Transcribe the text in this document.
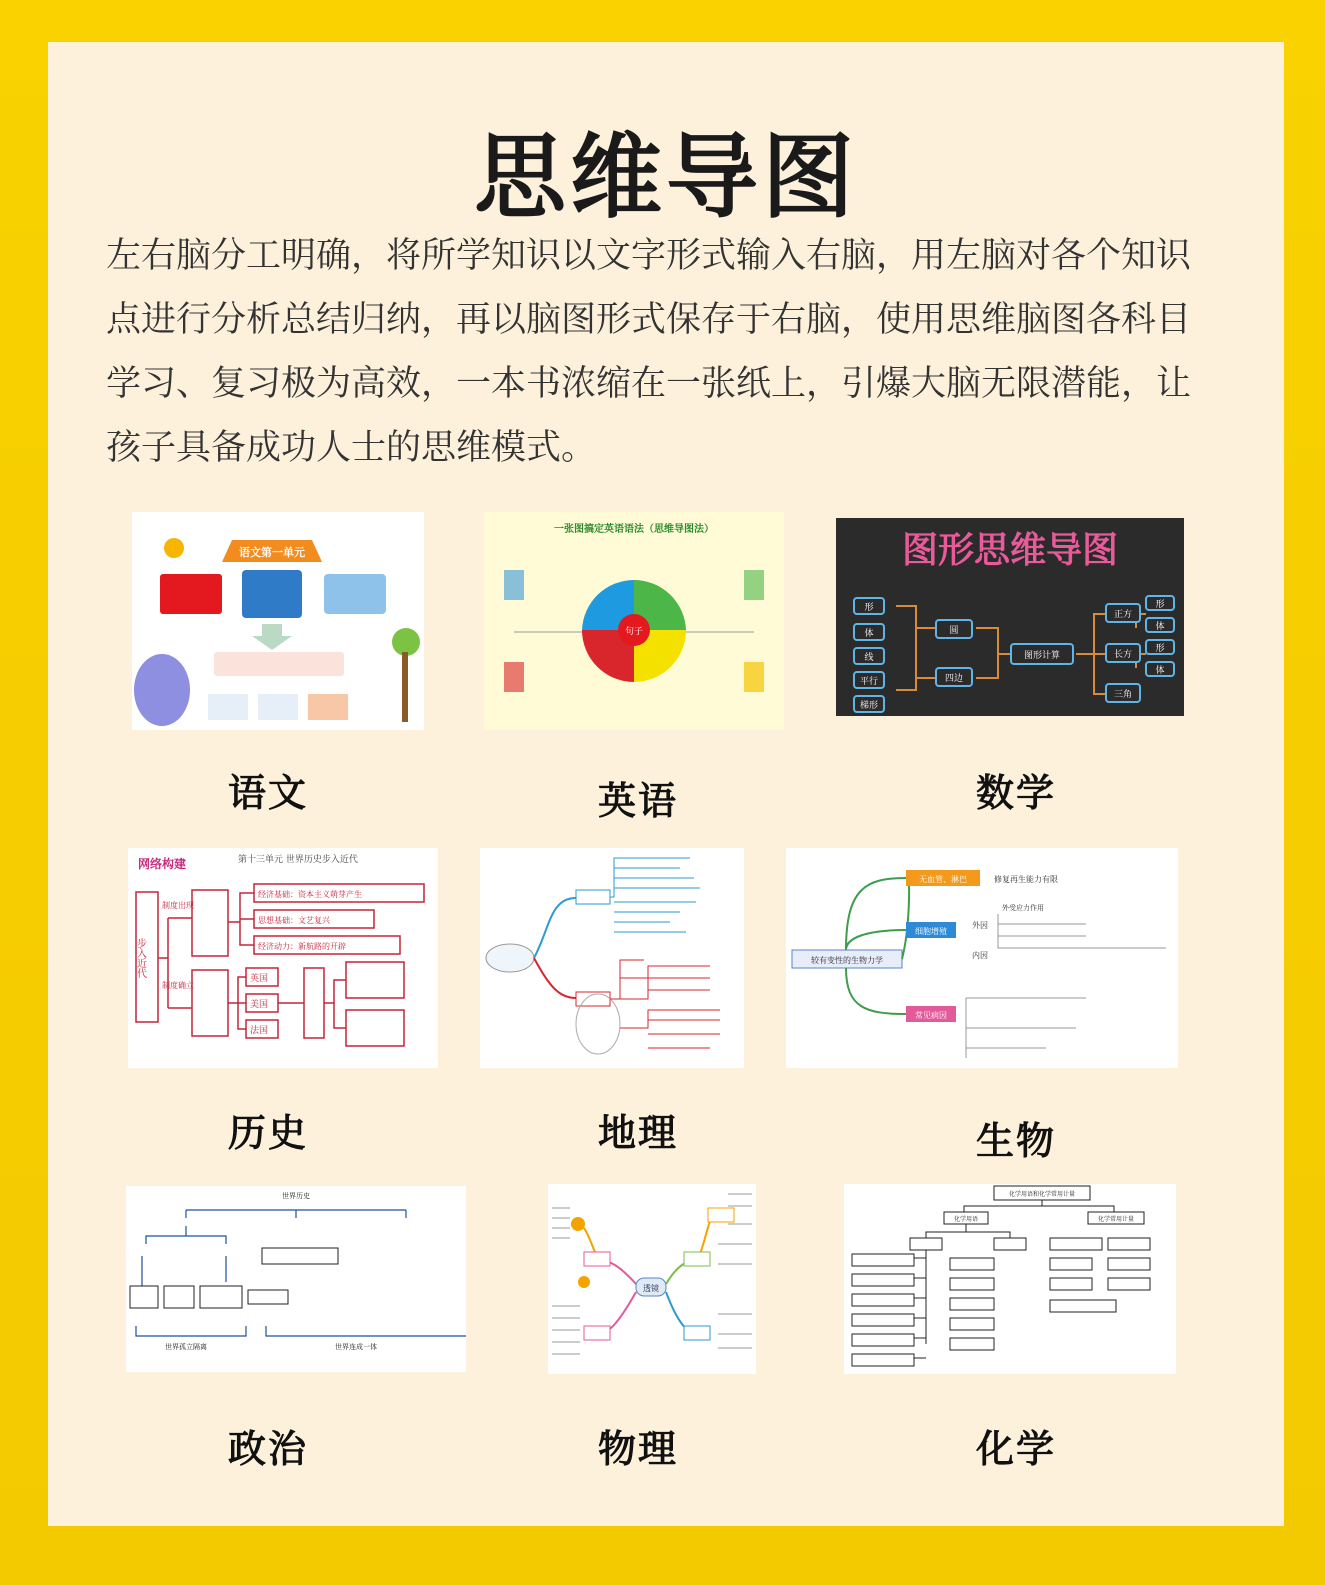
思维导图
左右脑分工明确，将所学知识以文字形式输入右脑，用左脑对各个知识点进行分析总结归纳，再以脑图形式保存于右脑，使用思维脑图各科目学习、复习极为高效，一本书浓缩在一张纸上，引爆大脑无限潜能，让孩子具备成功人士的思维模式。
语文第一单元
语文
一张图搞定英语语法（思维导图法）
句子
英语
图形思维导图
形
体
线
平行
梯形
圆
四边
图形计算
正方
长方
三角
形
体
形
体
数学
网络构建	第十三单元 世界历史步入近代
步入近代
制度出现
制度确立
经济基础：资本主义萌芽产生
思想基础：文艺复兴
经济动力：新航路的开辟
英国
美国
法国
历史	地理
较有变性的生物力学
无血管、淋巴
细胞增殖
常见病因
修复再生能力有限
外因
内因
外受应力作用
生物
世界历史
世界孤立隔离	世界连成一体
政治
透镜
物理
化学用语和化学常用计量
化学用语	化学常用计量
化学
